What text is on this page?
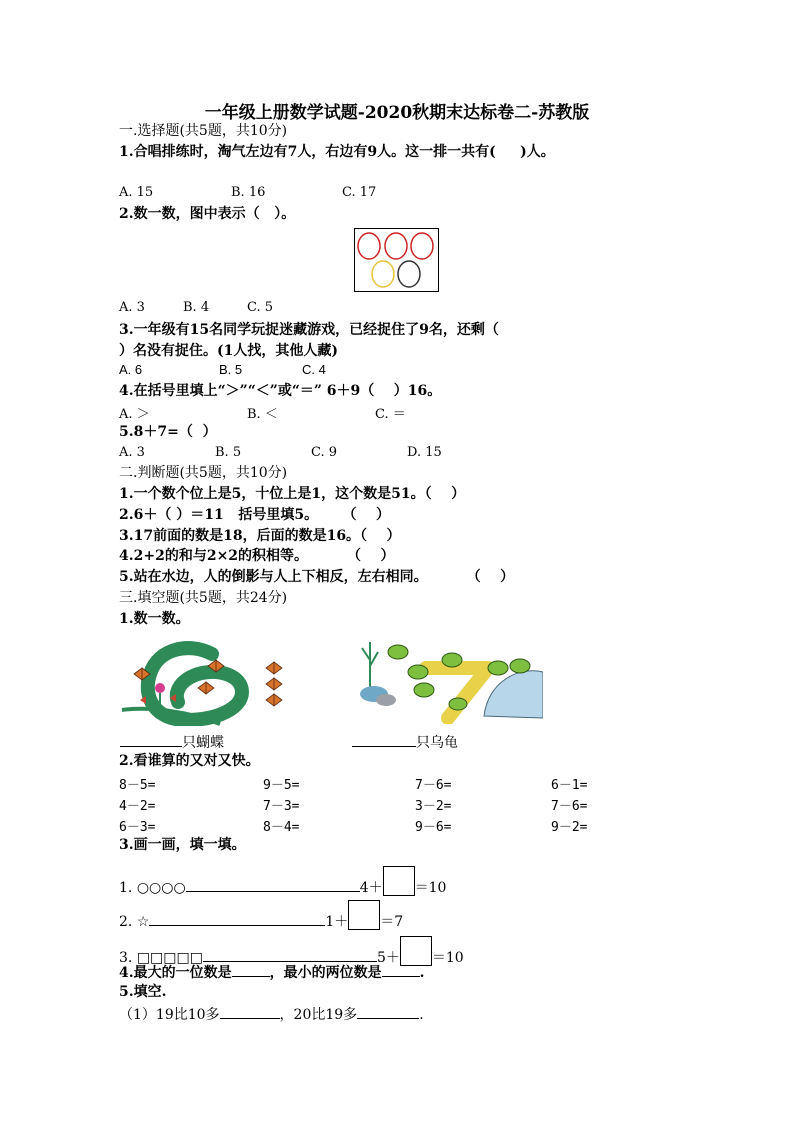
一年级上册数学试题-2020秋期末达标卷二-苏教版
一.选择题(共5题，共10分)
1.合唱排练时，淘气左边有7人，右边有9人。这一排一共有(     )人。
A. 15	B. 16	C. 17
2.数一数，图中表示（   ）。
A. 3	B. 4	C. 5
3.一年级有15名同学玩捉迷藏游戏，已经捉住了9名，还剩（
）名没有捉住。(1人找，其他人藏)
A. 6	B. 5	C. 4
4.在括号里填上“＞”“＜”或“＝” 6＋9（    ）16。
A. ＞	B. ＜	C. ＝
5.8＋7=（  ）
A. 3	B. 5	C. 9	D. 15
二.判断题(共5题，共10分)
1.一个数个位上是5，十位上是1，这个数是51。（    ）
2.6＋（ ）＝11   括号里填5。     （    ）
3.17前面的数是18，后面的数是16。（    ）
4.2+2的和与2×2的积相等。        （    ）
5.站在水边，人的倒影与人上下相反，左右相同。        （    ）
三.填空题(共5题，共24分)
1.数一数。
只蝴蝶	只乌龟
2.看谁算的又对又快。
8－5=	9－5=	7－6=	6－1=
4－2=	7－3=	3－2=	7－6=
6－3=	8－4=	9－6=	9－2=
3.画一画，填一填。
1. ○○○○	4＋ ＝10
2. ☆	1＋ ＝7
3. □□□□□	5＋ ＝10
4.最大的一位数是	，最小的两位数是	.
5.填空.
（1）19比10多	，20比19多	.
